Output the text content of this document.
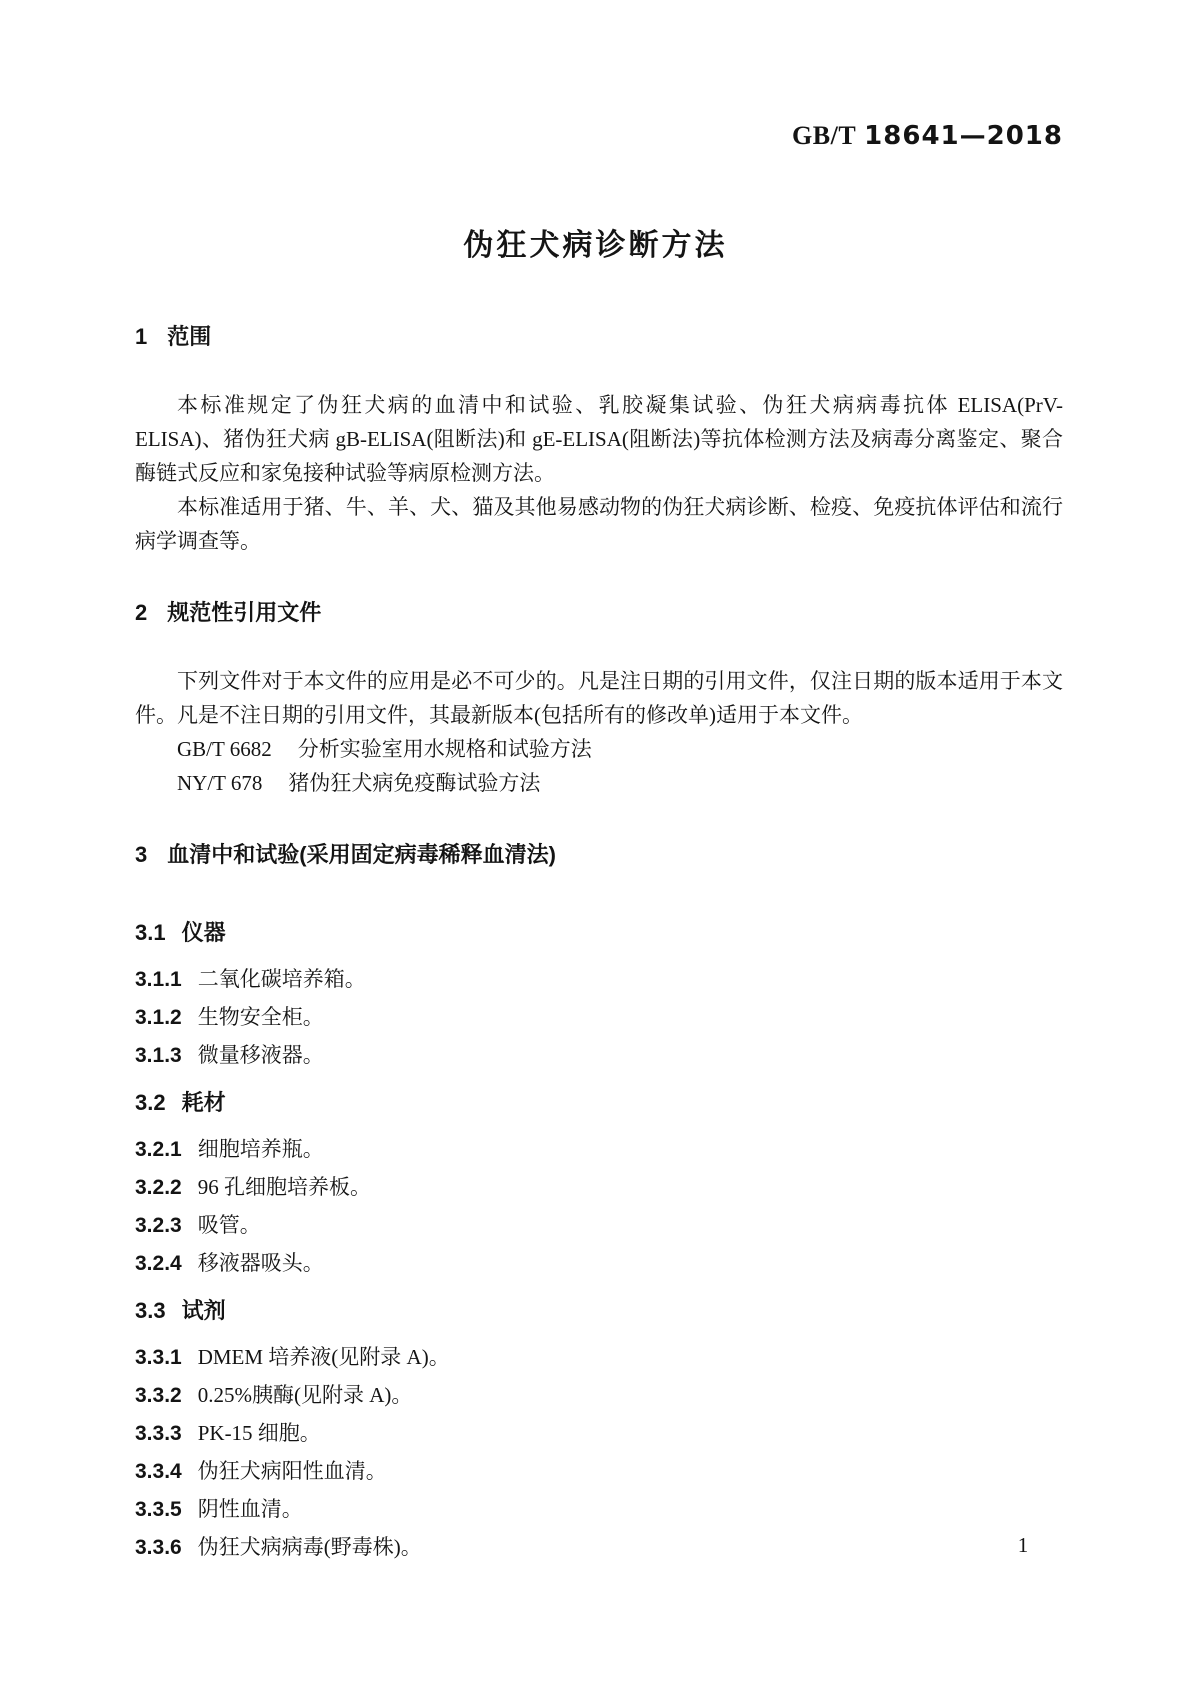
GB/T 18641—2018
伪狂犬病诊断方法
1 范围

本标准规定了伪狂犬病的血清中和试验、乳胶凝集试验、伪狂犬病病毒抗体 ELISA(PrV-ELISA)、猪伪狂犬病 gB-ELISA(阻断法)和 gE-ELISA(阻断法)等抗体检测方法及病毒分离鉴定、聚合酶链式反应和家兔接种试验等病原检测方法。

本标准适用于猪、牛、羊、犬、猫及其他易感动物的伪狂犬病诊断、检疫、免疫抗体评估和流行病学调查等。

2 规范性引用文件

下列文件对于本文件的应用是必不可少的。凡是注日期的引用文件，仅注日期的版本适用于本文件。凡是不注日期的引用文件，其最新版本(包括所有的修改单)适用于本文件。

GB/T 6682 分析实验室用水规格和试验方法
NY/T 678 猪伪狂犬病免疫酶试验方法
3 血清中和试验(采用固定病毒稀释血清法)
3.1 仪器
3.1.1 二氧化碳培养箱。
3.1.2 生物安全柜。
3.1.3 微量移液器。
3.2 耗材
3.2.1 细胞培养瓶。
3.2.2 96 孔细胞培养板。
3.2.3 吸管。
3.2.4 移液器吸头。
3.3 试剂
3.3.1 DMEM 培养液(见附录 A)。
3.3.2 0.25%胰酶(见附录 A)。
3.3.3 PK-15 细胞。
3.3.4 伪狂犬病阳性血清。
3.3.5 阴性血清。
3.3.6 伪狂犬病病毒(野毒株)。	1
